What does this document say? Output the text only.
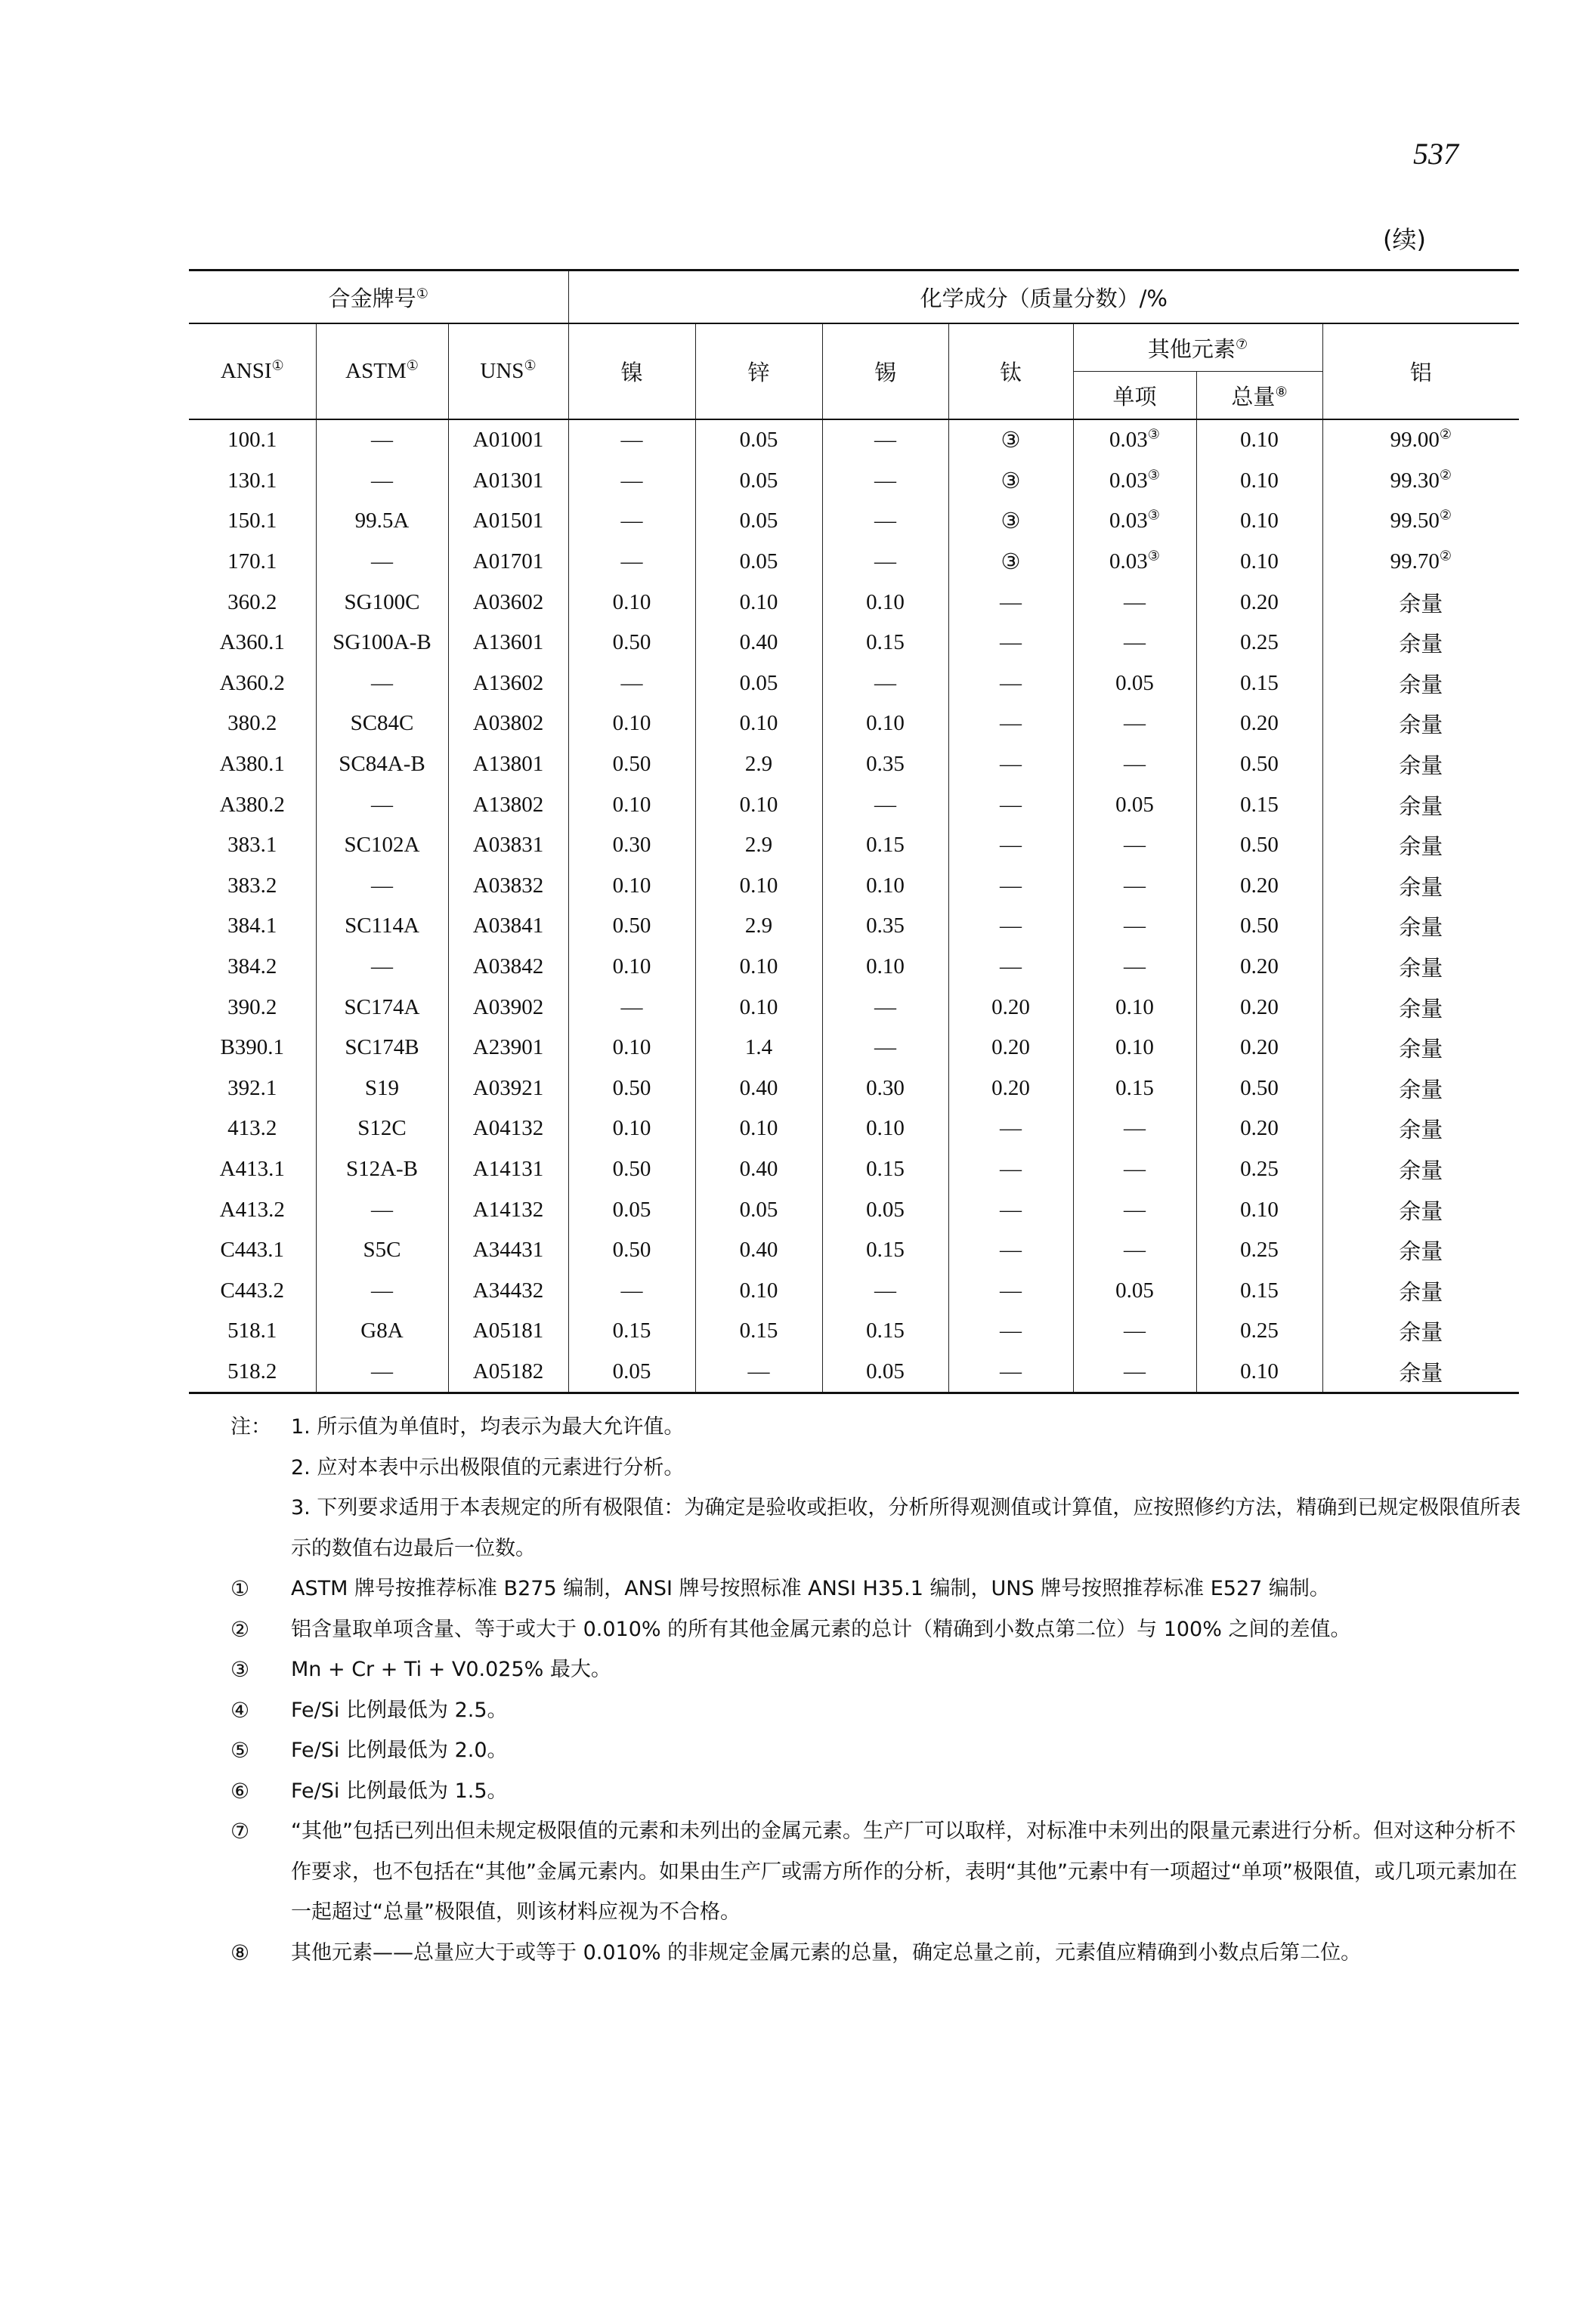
537
(续)
合金牌号①			化学成分（质量分数）/%						
ANSI①	ASTM①	UNS①	镍	锌	锡	钛	其他元素⑦		铝
							单项	总量⑧
100.1	—	A01001	—	0.05	—	③	0.03③	0.10	99.00②
130.1	—	A01301	—	0.05	—	③	0.03③	0.10	99.30②
150.1	99.5A	A01501	—	0.05	—	③	0.03③	0.10	99.50②
170.1	—	A01701	—	0.05	—	③	0.03③	0.10	99.70②
360.2	SG100C	A03602	0.10	0.10	0.10	—	—	0.20	余量
A360.1	SG100A-B	A13601	0.50	0.40	0.15	—	—	0.25	余量
A360.2	—	A13602	—	0.05	—	—	0.05	0.15	余量
380.2	SC84C	A03802	0.10	0.10	0.10	—	—	0.20	余量
A380.1	SC84A-B	A13801	0.50	2.9	0.35	—	—	0.50	余量
A380.2	—	A13802	0.10	0.10	—	—	0.05	0.15	余量
383.1	SC102A	A03831	0.30	2.9	0.15	—	—	0.50	余量
383.2	—	A03832	0.10	0.10	0.10	—	—	0.20	余量
384.1	SC114A	A03841	0.50	2.9	0.35	—	—	0.50	余量
384.2	—	A03842	0.10	0.10	0.10	—	—	0.20	余量
390.2	SC174A	A03902	—	0.10	—	0.20	0.10	0.20	余量
B390.1	SC174B	A23901	0.10	1.4	—	0.20	0.10	0.20	余量
392.1	S19	A03921	0.50	0.40	0.30	0.20	0.15	0.50	余量
413.2	S12C	A04132	0.10	0.10	0.10	—	—	0.20	余量
A413.1	S12A-B	A14131	0.50	0.40	0.15	—	—	0.25	余量
A413.2	—	A14132	0.05	0.05	0.05	—	—	0.10	余量
C443.1	S5C	A34431	0.50	0.40	0.15	—	—	0.25	余量
C443.2	—	A34432	—	0.10	—	—	0.05	0.15	余量
518.1	G8A	A05181	0.15	0.15	0.15	—	—	0.25	余量
518.2	—	A05182	0.05	—	0.05	—	—	0.10	余量
注： 1. 所示值为单值时，均表示为最大允许值。
2. 应对本表中示出极限值的元素进行分析。
3. 下列要求适用于本表规定的所有极限值：为确定是验收或拒收，分析所得观测值或计算值，应按照修约方法，精确到已规定极限值所表示的数值右边最后一位数。
①	ASTM 牌号按推荐标准 B275 编制，ANSI 牌号按照标准 ANSI H35.1 编制，UNS 牌号按照推荐标准 E527 编制。
②	铝含量取单项含量、等于或大于 0.010% 的所有其他金属元素的总计（精确到小数点第二位）与 100% 之间的差值。
③	Mn + Cr + Ti + V0.025% 最大。
④	Fe/Si 比例最低为 2.5。
⑤	Fe/Si 比例最低为 2.0。
⑥	Fe/Si 比例最低为 1.5。
⑦	“其他”包括已列出但未规定极限值的元素和未列出的金属元素。生产厂可以取样，对标准中未列出的限量元素进行分析。但对这种分析不作要求，也不包括在“其他”金属元素内。如果由生产厂或需方所作的分析，表明“其他”元素中有一项超过“单项”极限值，或几项元素加在一起超过“总量”极限值，则该材料应视为不合格。
⑧	其他元素——总量应大于或等于 0.010% 的非规定金属元素的总量，确定总量之前，元素值应精确到小数点后第二位。
